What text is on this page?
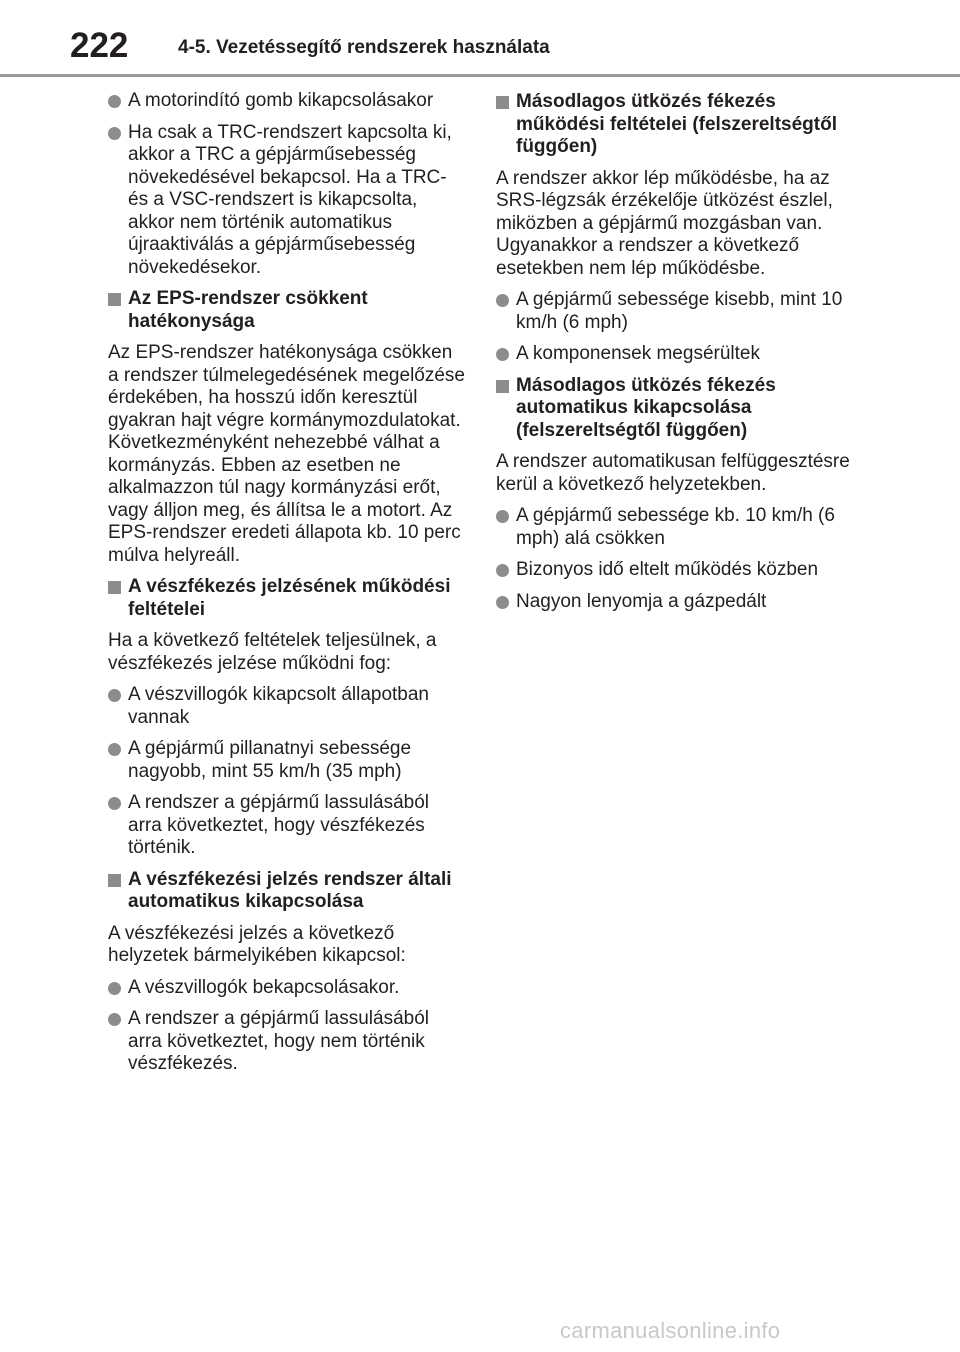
222	4-5. Vezetéssegítő rendszerek használata
A motorindító gomb kikapcsolásakor
Ha csak a TRC-rendszert kapcsolta ki, akkor a TRC a gépjárműsebesség növekedésével bekapcsol. Ha a TRC- és a VSC-rendszert is kikapcsolta, akkor nem történik automatikus újraaktiválás a gépjárműsebesség növekedésekor.
Az EPS-rendszer csökkent hatékonysága
Az EPS-rendszer hatékonysága csökken a rendszer túlmelegedésének megelőzése érdekében, ha hosszú időn keresztül gyakran hajt végre kormánymozdulatokat. Következményként nehezebbé válhat a kormányzás. Ebben az esetben ne alkalmazzon túl nagy kormányzási erőt, vagy álljon meg, és állítsa le a motort. Az EPS-rendszer eredeti állapota kb. 10 perc múlva helyreáll.
A vészfékezés jelzésének működési feltételei
Ha a következő feltételek teljesülnek, a vészfékezés jelzése működni fog:
A vészvillogók kikapcsolt állapotban vannak
A gépjármű pillanatnyi sebessége nagyobb, mint 55 km/h (35 mph)
A rendszer a gépjármű lassulásából arra következtet, hogy vészfékezés történik.
A vészfékezési jelzés rendszer általi automatikus kikapcsolása
A vészfékezési jelzés a következő helyzetek bármelyikében kikapcsol:
A vészvillogók bekapcsolásakor.
A rendszer a gépjármű lassulásából arra következtet, hogy nem történik vészfékezés.
Másodlagos ütközés fékezés működési feltételei (felszereltségtől függően)
A rendszer akkor lép működésbe, ha az SRS-légzsák érzékelője ütközést észlel, miközben a gépjármű mozgásban van.
Ugyanakkor a rendszer a következő esetekben nem lép működésbe.
A gépjármű sebessége kisebb, mint 10 km/h (6 mph)
A komponensek megsérültek
Másodlagos ütközés fékezés automatikus kikapcsolása (felszereltségtől függően)
A rendszer automatikusan felfüggesztésre kerül a következő helyzetekben.
A gépjármű sebessége kb. 10 km/h (6 mph) alá csökken
Bizonyos idő eltelt működés közben
Nagyon lenyomja a gázpedált
carmanualsonline.info
